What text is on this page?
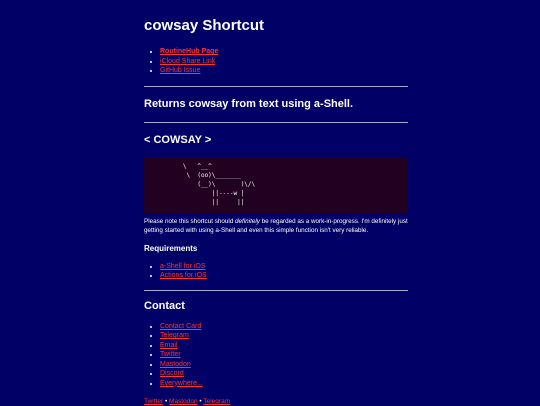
cowsay Shortcut
• RoutineHub Page
• iCloud Share Link
• GitHub Issue
Returns cowsay from text using a-Shell.
< COWSAY >
\   ^__^
\  (oo)\_______
(__)\       )\/\
||----w |
||     ||

Please note this shortcut should definitely be regarded as a work-in-progress. I'm definitely just getting started with using a-Shell and even this simple function isn't very reliable.

Requirements
• a-Shell for iOS
• Actions for iOS
Contact
• Contact Card
• Telegram
• Email
• Twitter
• Mastodon
• Discord
• Everywhere...
Twitter • Mastodon • Telegram
